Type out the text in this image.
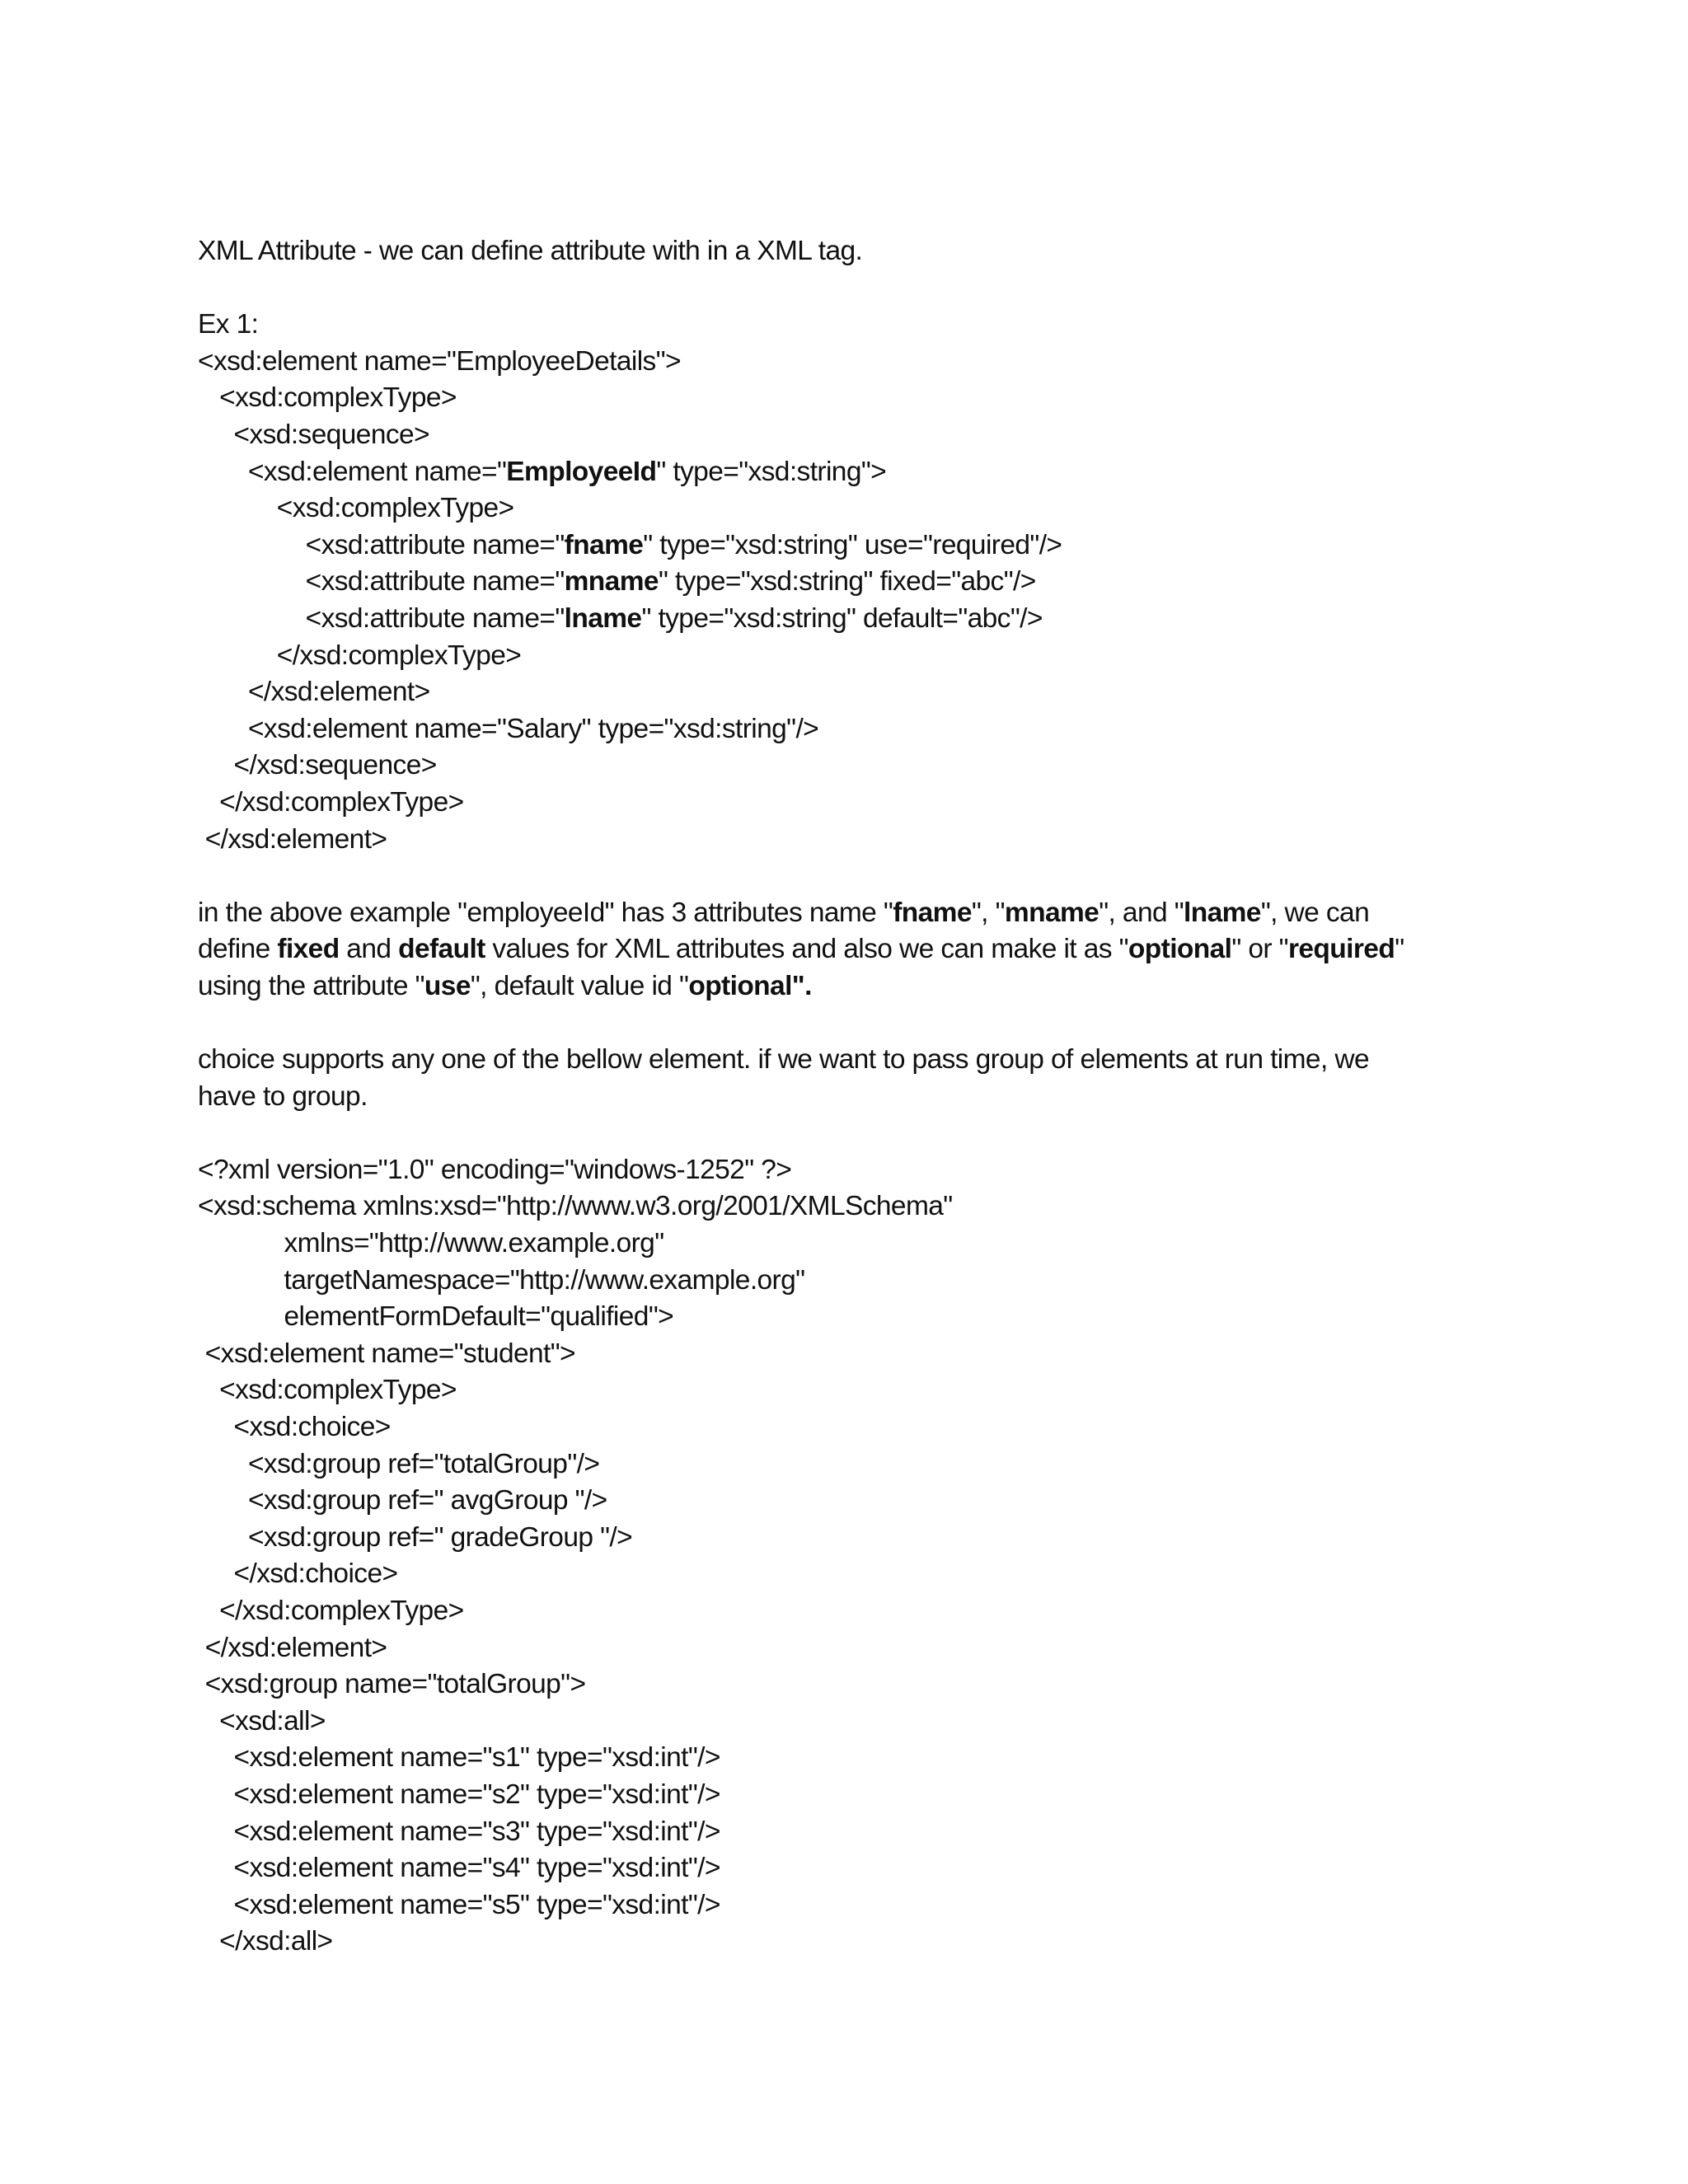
XML Attribute - we can define attribute with in a XML tag.
Ex 1:
<xsd:element name="EmployeeDetails">
<xsd:complexType>
<xsd:sequence>
<xsd:element name="EmployeeId" type="xsd:string">
<xsd:complexType>
<xsd:attribute name="fname" type="xsd:string" use="required"/>
<xsd:attribute name="mname" type="xsd:string" fixed="abc"/>
<xsd:attribute name="lname" type="xsd:string" default="abc"/>
</xsd:complexType>
</xsd:element>
<xsd:element name="Salary" type="xsd:string"/>
</xsd:sequence>
</xsd:complexType>
</xsd:element>
in the above example "employeeId" has 3 attributes name "fname", "mname", and "lname", we can
define fixed and default values for XML attributes and also we can make it as "optional" or "required"
using the attribute "use", default value id "optional".
choice supports any one of the bellow element. if we want to pass group of elements at run time, we
have to group.
<?xml version="1.0" encoding="windows-1252" ?>
<xsd:schema xmlns:xsd="http://www.w3.org/2001/XMLSchema"
xmlns="http://www.example.org"
targetNamespace="http://www.example.org"
elementFormDefault="qualified">
<xsd:element name="student">
<xsd:complexType>
<xsd:choice>
<xsd:group ref="totalGroup"/>
<xsd:group ref=" avgGroup "/>
<xsd:group ref=" gradeGroup "/>
</xsd:choice>
</xsd:complexType>
</xsd:element>
<xsd:group name="totalGroup">
<xsd:all>
<xsd:element name="s1" type="xsd:int"/>
<xsd:element name="s2" type="xsd:int"/>
<xsd:element name="s3" type="xsd:int"/>
<xsd:element name="s4" type="xsd:int"/>
<xsd:element name="s5" type="xsd:int"/>
</xsd:all>
